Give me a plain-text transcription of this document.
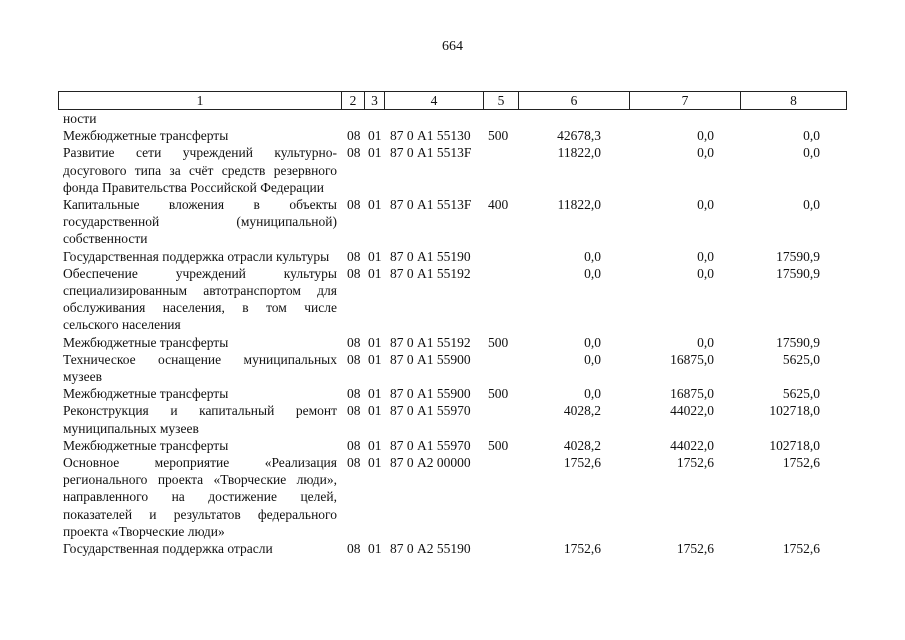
664
1	2	3	4	5	6	7	8
ности							
Межбюджетные трансферты	08	01	87 0 А1 55130	500	42678,3	0,0	0,0
Развитие сети учреждений культурно-досугового типа за счёт средств резервного фонда Правительства Российской Федерации	08	01	87 0 А1 5513F		11822,0	0,0	0,0
Капитальные вложения в объекты государственной (муниципальной) собственности	08	01	87 0 А1 5513F	400	11822,0	0,0	0,0
Государственная поддержка отрасли культуры	08	01	87 0 А1 55190		0,0	0,0	17590,9
Обеспечение учреждений культуры специализированным автотранспортом для обслуживания населения, в том числе сельского населения	08	01	87 0 А1 55192		0,0	0,0	17590,9
Межбюджетные трансферты	08	01	87 0 А1 55192	500	0,0	0,0	17590,9
Техническое оснащение муниципальных музеев	08	01	87 0 А1 55900		0,0	16875,0	5625,0
Межбюджетные трансферты	08	01	87 0 А1 55900	500	0,0	16875,0	5625,0
Реконструкция и капитальный ремонт муниципальных музеев	08	01	87 0 А1 55970		4028,2	44022,0	102718,0
Межбюджетные трансферты	08	01	87 0 А1 55970	500	4028,2	44022,0	102718,0
Основное мероприятие «Реализация регионального проекта «Творческие люди», направленного на достижение целей, показателей и результатов федерального проекта «Творческие люди»	08	01	87 0 А2 00000		1752,6	1752,6	1752,6
Государственная поддержка отрасли	08	01	87 0 А2 55190		1752,6	1752,6	1752,6
